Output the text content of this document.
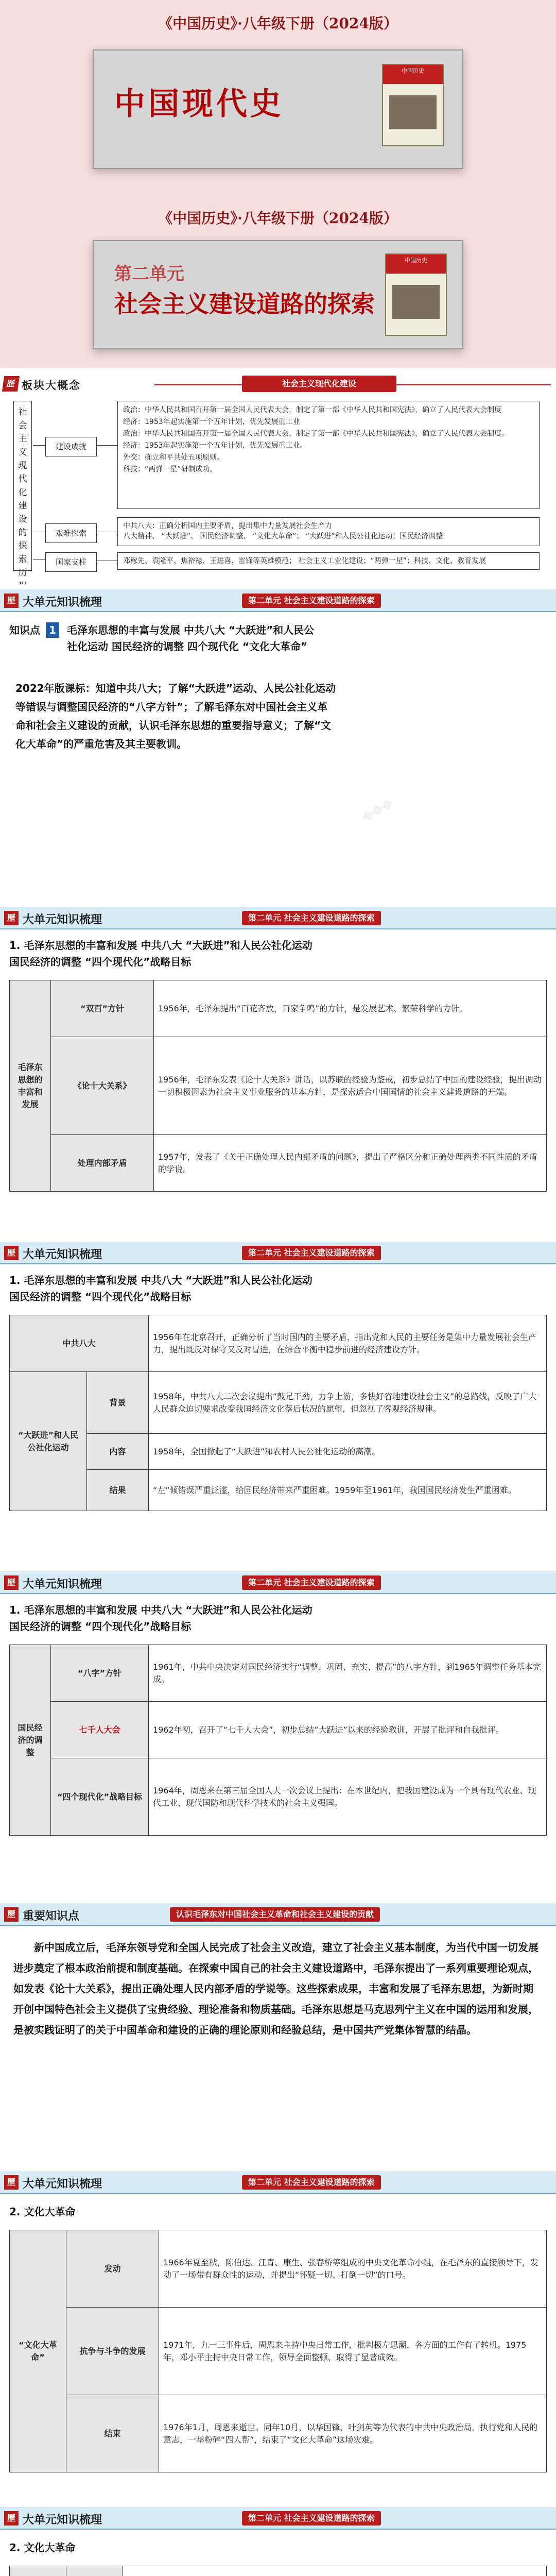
《中国历史》·八年级下册（2024版）
中国现代史
中国历史
《中国历史》·八年级下册（2024版）
第二单元
社会主义建设道路的探索
中国历史
歷 板块大概念	社会主义现代化建设
社会主义现代化建设的探索历
建设成就
政治：中华人民共和国召开第一届全国人民代表大会，制定了第一部《中华人民共和国宪法》，确立了人民代表大会制度
经济：1953年起实施第一个五年计划，优先发展重工业
政治：中华人民共和国召开第一届全国人民代表大会，制定了第一部《中华人民共和国宪法》，确立了人民代表大会制度。
经济：1953年起实施第一个五年计划，优先发展重工业。
外交：确立和平共处五项原则。
科技：“两弹一星”研制成功。
艰难探索
中共八大：正确分析国内主要矛盾，提出集中力量发展社会生产力
八大精神、 “大跃进”、 国民经济调整、 “文化大革命”； “大跃进”和人民公社化运动；国民经济调整
国家支柱	邓稼先、袁隆平、焦裕禄、王进喜、雷锋等英雄模范； 社会主义工业化建设；“两弹一星”；科技、文化、教育发展
歷 大单元知识梳理	第二单元 社会主义建设道路的探索
知识点 1	毛泽东思想的丰富与发展 中共八大 “大跃进”和人民公
社化运动 国民经济的调整 四个现代化 “文化大革命”
2022年版课标：知道中共八大；了解“大跃进”运动、人民公社化运动
等错误与调整国民经济的“八字方针”；了解毛泽东对中国社会主义革
命和社会主义建设的贡献，认识毛泽东思想的重要指导意义；了解“文
化大革命”的严重危害及其主要教训。
◆◆◆
歷 大单元知识梳理	第二单元 社会主义建设道路的探索
1. 毛泽东思想的丰富和发展 中共八大 “大跃进”和人民公社化运动
国民经济的调整 “四个现代化”战略目标
毛泽东思想的丰富和发展	“双百”方针	1956年，毛泽东提出“百花齐放，百家争鸣”的方针，是发展艺术、繁荣科学的方针。
	《论十大关系》	1956年，毛泽东发表《论十大关系》讲话，以苏联的经验为鉴戒，初步总结了中国的建设经验，提出调动一切积极因素为社会主义事业服务的基本方针，是探索适合中国国情的社会主义建设道路的开端。
	处理内部矛盾	1957年，发表了《关于正确处理人民内部矛盾的问题》，提出了严格区分和正确处理两类不同性质的矛盾的学说。
歷 大单元知识梳理	第二单元 社会主义建设道路的探索
1. 毛泽东思想的丰富和发展 中共八大 “大跃进”和人民公社化运动
国民经济的调整 “四个现代化”战略目标
中共八大		1956年在北京召开，正确分析了当时国内的主要矛盾，指出党和人民的主要任务是集中力量发展社会生产力，提出既反对保守又反对冒进，在综合平衡中稳步前进的经济建设方针。
“大跃进”和人民公社化运动	背景	1958年，中共八大二次会议提出“鼓足干劲，力争上游，多快好省地建设社会主义”的总路线，反映了广大人民群众迫切要求改变我国经济文化落后状况的愿望，但忽视了客观经济规律。
	内容	1958年，全国掀起了“大跃进”和农村人民公社化运动的高潮。
	结果	“左”倾错误严重泛滥，给国民经济带来严重困难。1959年至1961年，我国国民经济发生严重困难。
歷 大单元知识梳理	第二单元 社会主义建设道路的探索
1. 毛泽东思想的丰富和发展 中共八大 “大跃进”和人民公社化运动
国民经济的调整 “四个现代化”战略目标
国民经济的调整	“八字”方针	1961年，中共中央决定对国民经济实行“调整、巩固、充实、提高”的八字方针，到1965年调整任务基本完成。
	七千人大会	1962年初，召开了“七千人大会”，初步总结“大跃进”以来的经验教训，开展了批评和自我批评。
	“四个现代化”战略目标	1964年，周恩来在第三届全国人大一次会议上提出：在本世纪内，把我国建设成为一个具有现代农业、现代工业、现代国防和现代科学技术的社会主义强国。
歷 重要知识点	认识毛泽东对中国社会主义革命和社会主义建设的贡献
新中国成立后，毛泽东领导党和全国人民完成了社会主义改造，建立了社会主义基本制度，为当代中国一切发展进步奠定了根本政治前提和制度基础。在探索中国自己的社会主义建设道路中，毛泽东提出了一系列重要理论观点，如发表《论十大关系》，提出正确处理人民内部矛盾的学说等。这些探索成果，丰富和发展了毛泽东思想，为新时期开创中国特色社会主义提供了宝贵经验、理论准备和物质基础。毛泽东思想是马克思列宁主义在中国的运用和发展，是被实践证明了的关于中国革命和建设的正确的理论原则和经验总结，是中国共产党集体智慧的结晶。
歷 大单元知识梳理	第二单元 社会主义建设道路的探索
2. 文化大革命
“文化大革命”	发动	1966年夏至秋，陈伯达、江青、康生、张春桥等组成的中央文化革命小组，在毛泽东的直接领导下，发动了一场带有群众性的运动，并提出“怀疑一切、打倒一切”的口号。
	抗争与斗争的发展	1971年，九一三事件后，周恩来主持中央日常工作，批判极左思潮，各方面的工作有了转机。1975年，邓小平主持中央日常工作，领导全面整顿，取得了显著成效。
	结束	1976年1月，周恩来逝世。同年10月，以华国锋、叶剑英等为代表的中共中央政治局，执行党和人民的意志，一举粉碎“四人帮”，结束了“文化大革命”这场灾难。
歷 大单元知识梳理	第二单元 社会主义建设道路的探索
2. 文化大革命
